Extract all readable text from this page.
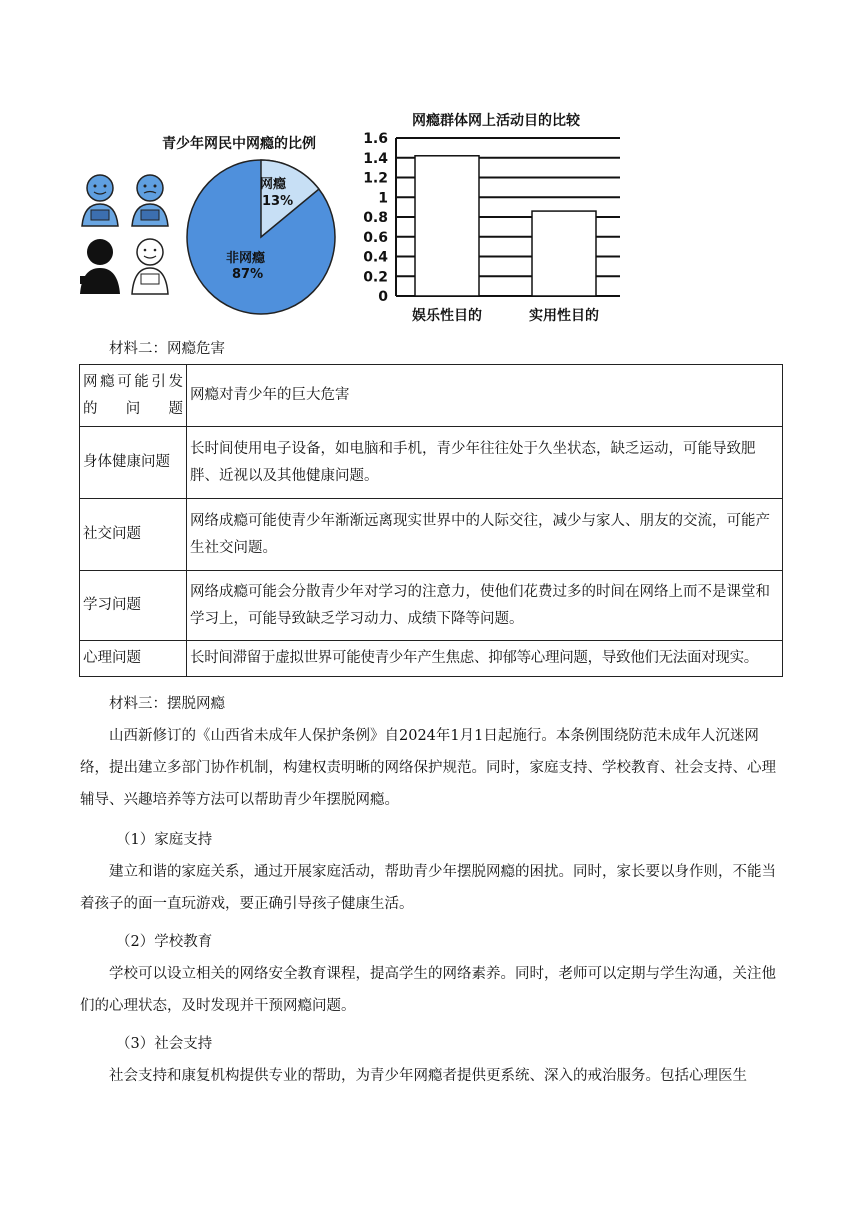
青少年网民中网瘾的比例
网瘾
13%
非网瘾
87%
网瘾群体网上活动目的比较
1.6
1.4
1.2
1
0.8
0.6
0.4
0.2
0
娱乐性目的	实用性目的
材料二：网瘾危害
网瘾可能引发的问题	网瘾对青少年的巨大危害
身体健康问题	长时间使用电子设备，如电脑和手机，青少年往往处于久坐状态，缺乏运动，可能导致肥胖、近视以及其他健康问题。
社交问题	网络成瘾可能使青少年渐渐远离现实世界中的人际交往，减少与家人、朋友的交流，可能产生社交问题。
学习问题	网络成瘾可能会分散青少年对学习的注意力，使他们花费过多的时间在网络上而不是课堂和学习上，可能导致缺乏学习动力、成绩下降等问题。
心理问题	长时间滞留于虚拟世界可能使青少年产生焦虑、抑郁等心理问题，导致他们无法面对现实。
材料三：摆脱网瘾
山西新修订的《山西省未成年人保护条例》自2024年1月1日起施行。本条例围绕防范未成年人沉迷网络，提出建立多部门协作机制，构建权责明晰的网络保护规范。同时，家庭支持、学校教育、社会支持、心理辅导、兴趣培养等方法可以帮助青少年摆脱网瘾。
（1）家庭支持
建立和谐的家庭关系，通过开展家庭活动，帮助青少年摆脱网瘾的困扰。同时，家长要以身作则，不能当着孩子的面一直玩游戏，要正确引导孩子健康生活。
（2）学校教育
学校可以设立相关的网络安全教育课程，提高学生的网络素养。同时，老师可以定期与学生沟通，关注他们的心理状态，及时发现并干预网瘾问题。
（3）社会支持
社会支持和康复机构提供专业的帮助，为青少年网瘾者提供更系统、深入的戒治服务。包括心理医生
